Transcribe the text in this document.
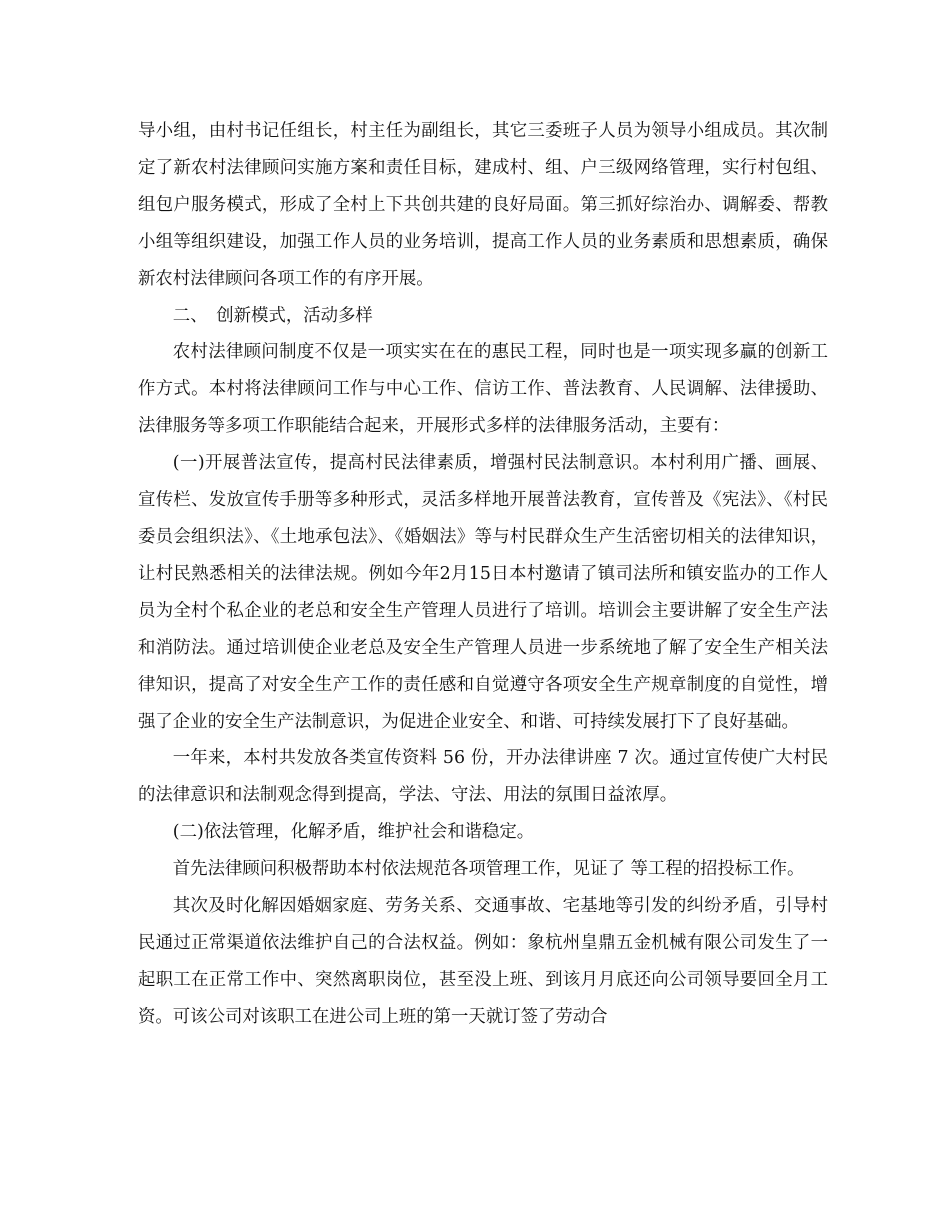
导小组，由村书记任组长，村主任为副组长，其它三委班子人员为领导小组成员。其次制定了新农村法律顾问实施方案和责任目标，建成村、组、户三级网络管理，实行村包组、组包户服务模式，形成了全村上下共创共建的良好局面。第三抓好综治办、调解委、帮教小组等组织建设，加强工作人员的业务培训，提高工作人员的业务素质和思想素质，确保新农村法律顾问各项工作的有序开展。

二、　创新模式，活动多样

农村法律顾问制度不仅是一项实实在在的惠民工程，同时也是一项实现多赢的创新工作方式。本村将法律顾问工作与中心工作、信访工作、普法教育、人民调解、法律援助、法律服务等多项工作职能结合起来，开展形式多样的法律服务活动，主要有：

(一)开展普法宣传，提高村民法律素质，增强村民法制意识。本村利用广播、画展、宣传栏、发放宣传手册等多种形式，灵活多样地开展普法教育，宣传普及《宪法》、《村民委员会组织法》、《土地承包法》、《婚姻法》等与村民群众生产生活密切相关的法律知识，让村民熟悉相关的法律法规。例如今年2月15日本村邀请了镇司法所和镇安监办的工作人员为全村个私企业的老总和安全生产管理人员进行了培训。培训会主要讲解了安全生产法和消防法。通过培训使企业老总及安全生产管理人员进一步系统地了解了安全生产相关法律知识，提高了对安全生产工作的责任感和自觉遵守各项安全生产规章制度的自觉性，增强了企业的安全生产法制意识，为促进企业安全、和谐、可持续发展打下了良好基础。

一年来，本村共发放各类宣传资料 56 份，开办法律讲座 7 次。通过宣传使广大村民的法律意识和法制观念得到提高，学法、守法、用法的氛围日益浓厚。

(二)依法管理，化解矛盾，维护社会和谐稳定。

首先法律顾问积极帮助本村依法规范各项管理工作，见证了 等工程的招投标工作。

其次及时化解因婚姻家庭、劳务关系、交通事故、宅基地等引发的纠纷矛盾，引导村民通过正常渠道依法维护自己的合法权益。例如：象杭州皇鼎五金机械有限公司发生了一起职工在正常工作中、突然离职岗位，甚至没上班、到该月月底还向公司领导要回全月工资。可该公司对该职工在进公司上班的第一天就订签了劳动合
